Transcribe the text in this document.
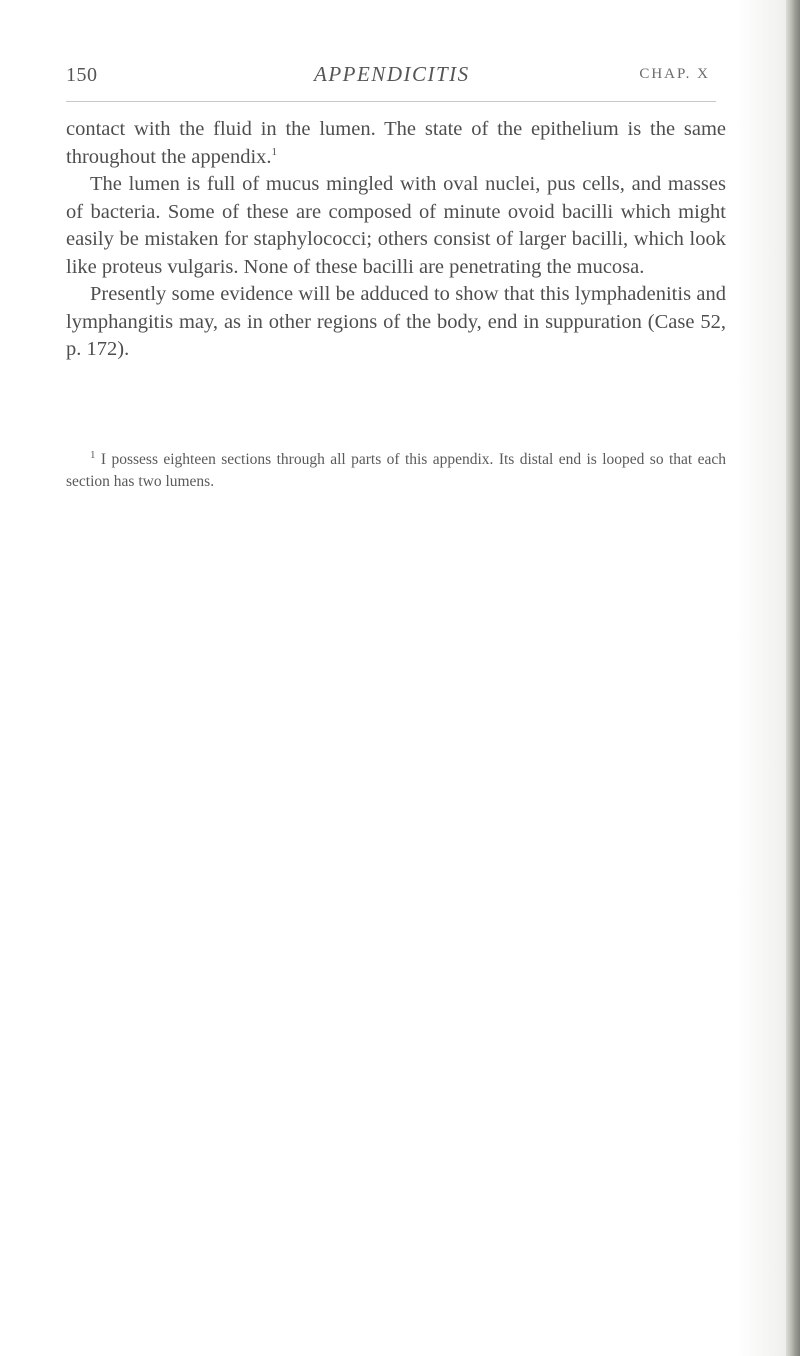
150	APPENDICITIS	CHAP. X

contact with the fluid in the lumen. The state of the epithelium is the same throughout the appendix.$^1$

The lumen is full of mucus mingled with oval nuclei, pus cells, and masses of bacteria. Some of these are composed of minute ovoid bacilli which might easily be mistaken for staphylococci; others consist of larger bacilli, which look like proteus vulgaris. None of these bacilli are penetrating the mucosa.

Presently some evidence will be adduced to show that this lymphadenitis and lymphangitis may, as in other regions of the body, end in suppuration (Case 52, p. 172).

$^1$ I possess eighteen sections through all parts of this appendix. Its distal end is looped so that each section has two lumens.
